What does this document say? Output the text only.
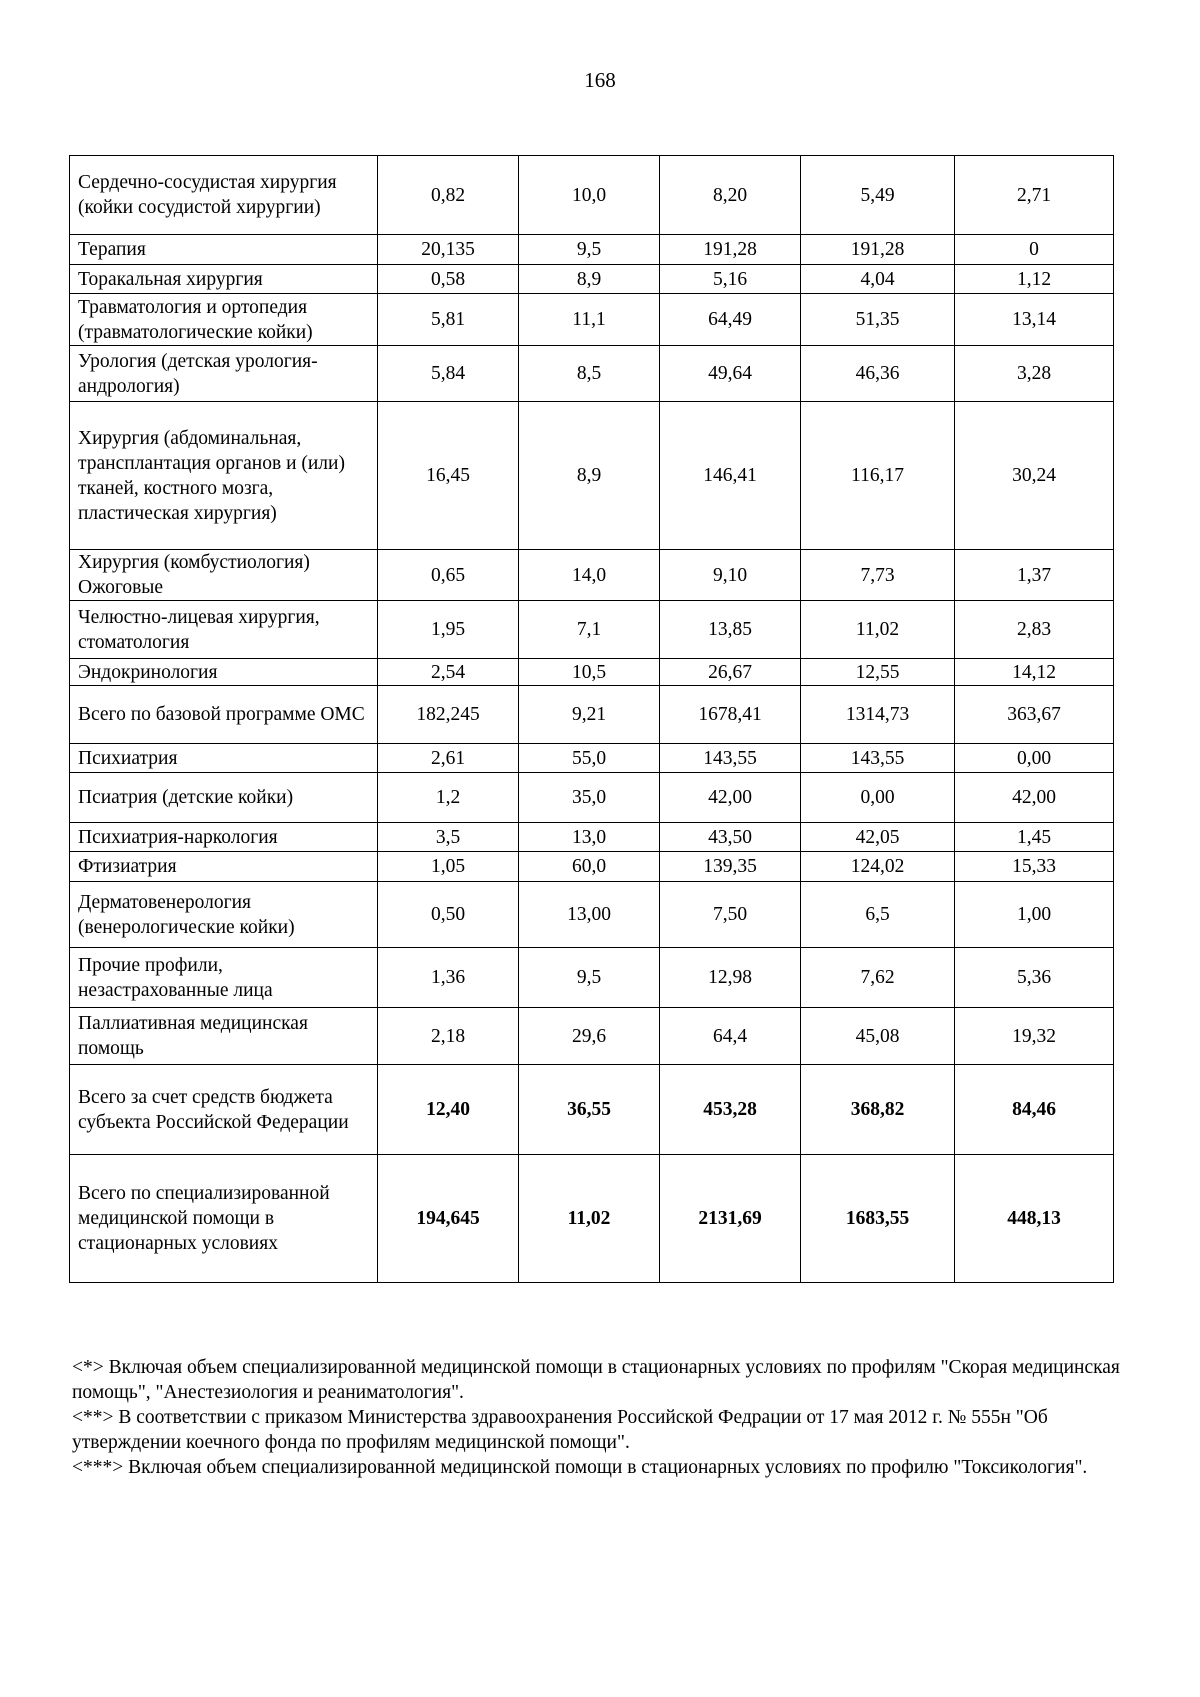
168
Сердечно-сосудистая хирургия (койки сосудистой хирургии)	0,82	10,0	8,20	5,49	2,71
Терапия	20,135	9,5	191,28	191,28	0
Торакальная хирургия	0,58	8,9	5,16	4,04	1,12
Травматология и ортопедия (травматологические койки)	5,81	11,1	64,49	51,35	13,14
Урология (детская урология-андрология)	5,84	8,5	49,64	46,36	3,28
Хирургия (абдоминальная, трансплантация органов и (или) тканей, костного мозга, пластическая хирургия)	16,45	8,9	146,41	116,17	30,24
Хирургия (комбустиология) Ожоговые	0,65	14,0	9,10	7,73	1,37
Челюстно-лицевая хирургия, стоматология	1,95	7,1	13,85	11,02	2,83
Эндокринология	2,54	10,5	26,67	12,55	14,12
Всего по базовой программе ОМС	182,245	9,21	1678,41	1314,73	363,67
Психиатрия	2,61	55,0	143,55	143,55	0,00
Псиатрия (детские койки)	1,2	35,0	42,00	0,00	42,00
Психиатрия-наркология	3,5	13,0	43,50	42,05	1,45
Фтизиатрия	1,05	60,0	139,35	124,02	15,33
Дерматовенерология (венерологические койки)	0,50	13,00	7,50	6,5	1,00
Прочие профили, незастрахованные лица	1,36	9,5	12,98	7,62	5,36
Паллиативная медицинская помощь	2,18	29,6	64,4	45,08	19,32
Всего за счет средств бюджета субъекта Российской Федерации	12,40	36,55	453,28	368,82	84,46
Всего по специализированной медицинской помощи в стационарных условиях	194,645	11,02	2131,69	1683,55	448,13

<*> Включая объем специализированной медицинской помощи в стационарных условиях по профилям "Скорая медицинская помощь", "Анестезиология и реаниматология".

<**> В соответствии с приказом Министерства здравоохранения Российской Федрации от 17 мая 2012 г. № 555н "Об утверждении коечного фонда по профилям медицинской помощи".

<***> Включая объем специализированной медицинской помощи в стационарных условиях по профилю "Токсикология".
